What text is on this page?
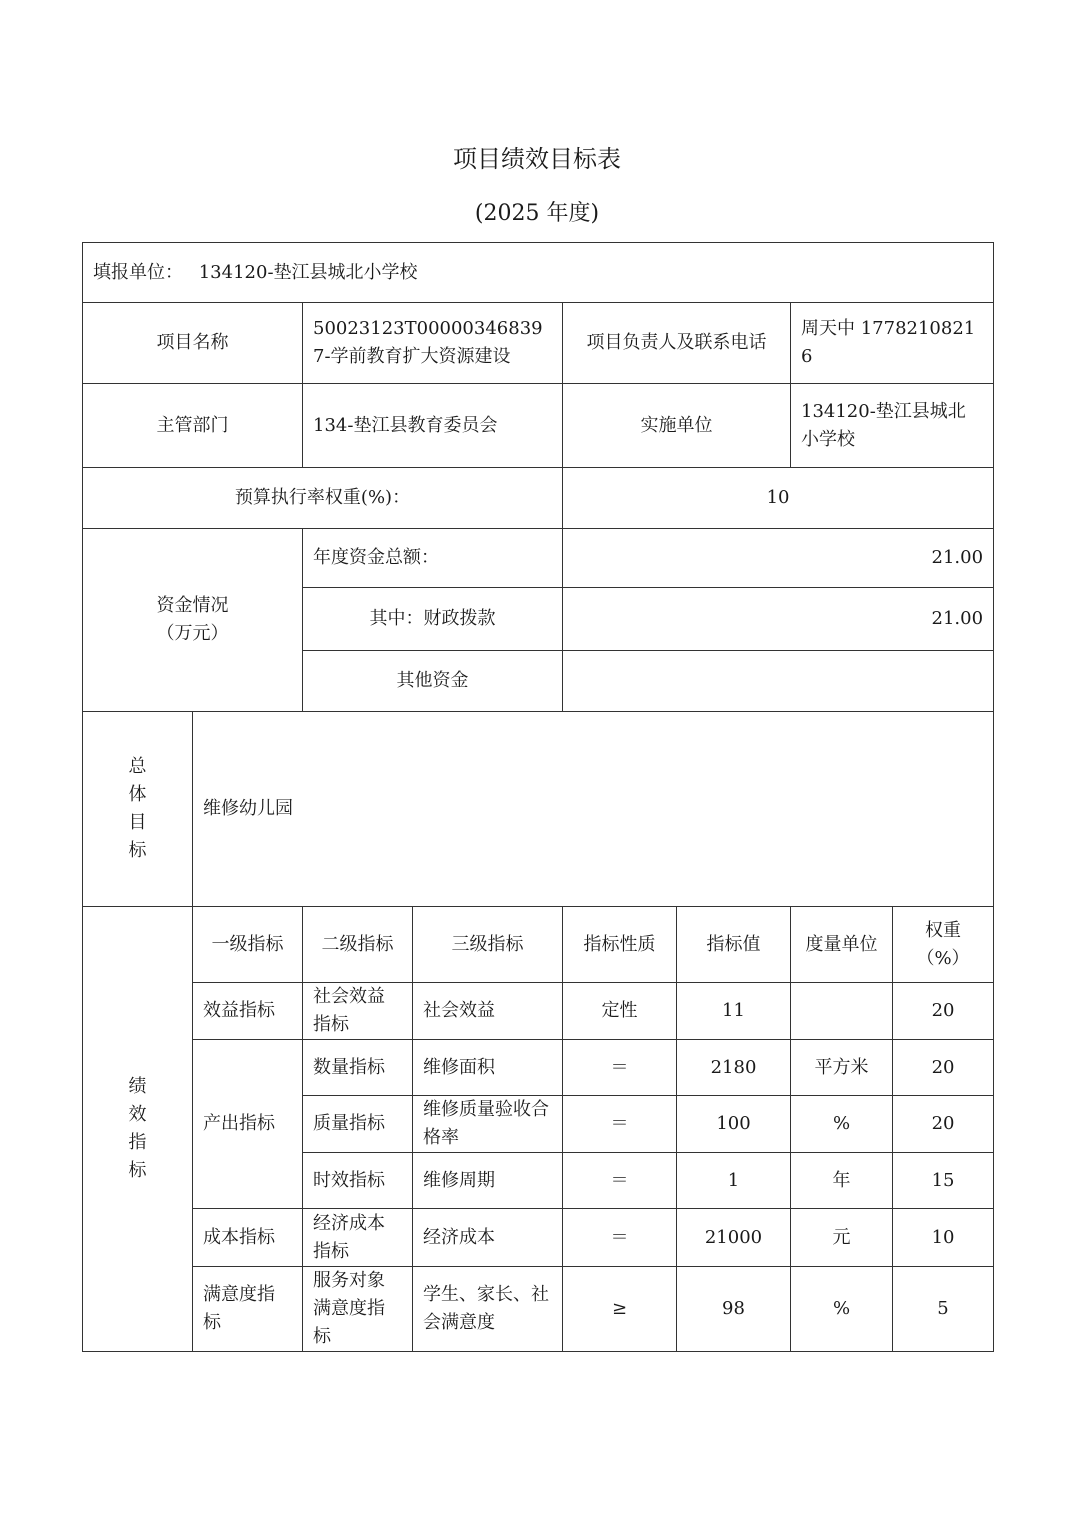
项目绩效目标表
(2025 年度)
填报单位： 134120-垫江县城北小学校							
项目名称		50023123T000003468397-学前教育扩大资源建设		项目负责人及联系电话		周天中 17782108216	
主管部门		134-垫江县教育委员会		实施单位		134120-垫江县城北小学校	
预算执行率权重(%)：				10			

资金情况
（万元）		年度资金总额：		21.00			
		其中：财政拨款		21.00			
		其他资金					

总
体
目
标	维修幼儿园						

绩
效
指
标	一级指标	二级指标	三级指标	指标性质	指标值	度量单位	权重（%）
	效益指标	社会效益指标	社会效益	定性	11		20
	产出指标	数量指标	维修面积	＝	2180	平方米	20
		质量指标	维修质量验收合格率	＝	100	%	20
		时效指标	维修周期	＝	1	年	15
	成本指标	经济成本指标	经济成本	＝	21000	元	10
	满意度指标	服务对象满意度指标	学生、家长、社会满意度	≥	98	%	5
